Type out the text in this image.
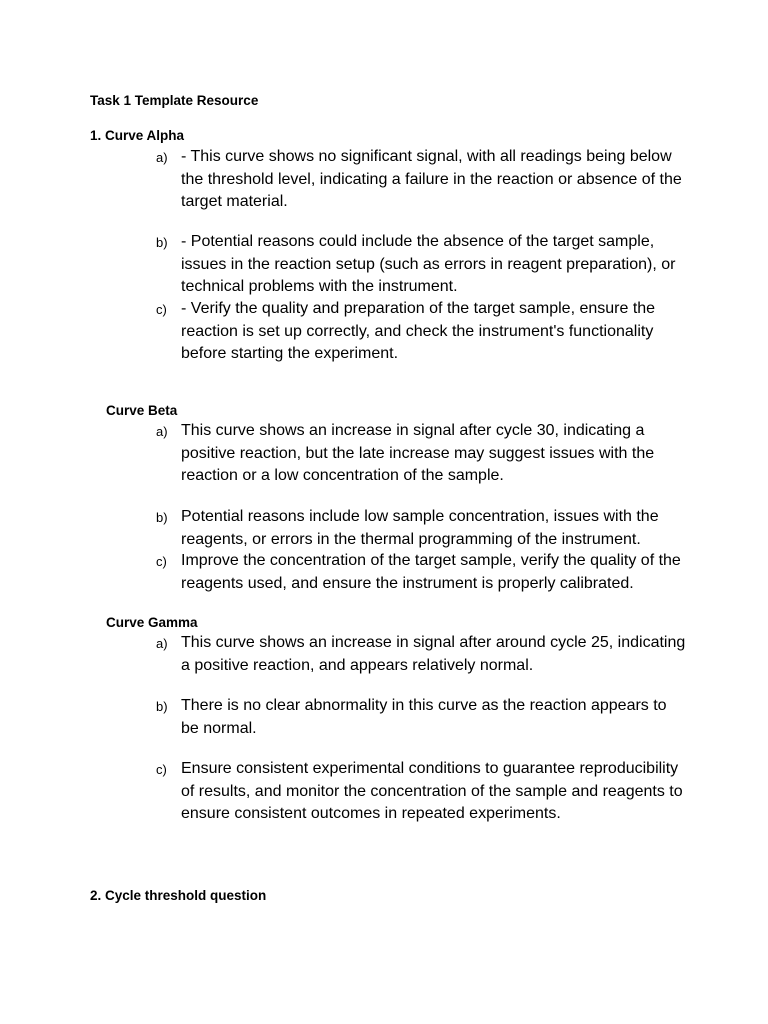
Task 1 Template Resource
1. Curve Alpha
a) - This curve shows no significant signal, with all readings being below the threshold level, indicating a failure in the reaction or absence of the target material.
b) - Potential reasons could include the absence of the target sample, issues in the reaction setup (such as errors in reagent preparation), or technical problems with the instrument.
c) - Verify the quality and preparation of the target sample, ensure the reaction is set up correctly, and check the instrument's functionality before starting the experiment.
Curve Beta
a) This curve shows an increase in signal after cycle 30, indicating a positive reaction, but the late increase may suggest issues with the reaction or a low concentration of the sample.
b) Potential reasons include low sample concentration, issues with the reagents, or errors in the thermal programming of the instrument.
c) Improve the concentration of the target sample, verify the quality of the reagents used, and ensure the instrument is properly calibrated.
Curve Gamma
a) This curve shows an increase in signal after around cycle 25, indicating a positive reaction, and appears relatively normal.
b) There is no clear abnormality in this curve as the reaction appears to be normal.
c) Ensure consistent experimental conditions to guarantee reproducibility of results, and monitor the concentration of the sample and reagents to ensure consistent outcomes in repeated experiments.
2. Cycle threshold question
